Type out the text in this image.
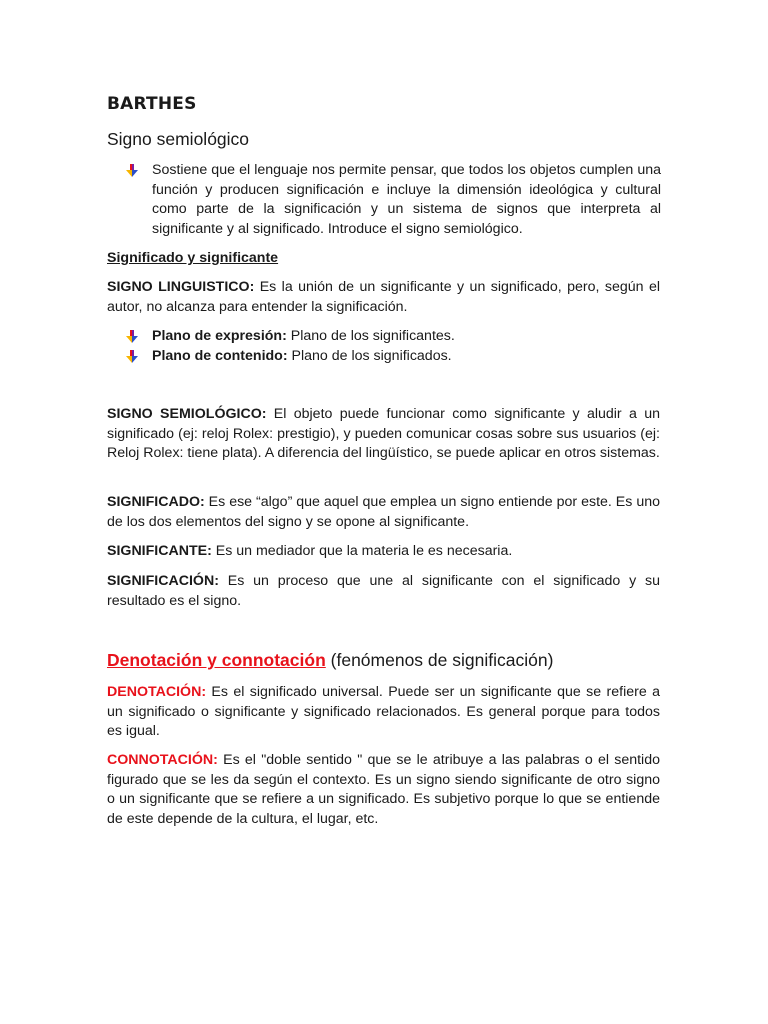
BARTHES
Signo semiológico
Sostiene que el lenguaje nos permite pensar, que todos los objetos cumplen una función y producen significación e incluye la dimensión ideológica y cultural como parte de la significación y un sistema de signos que interpreta al significante y al significado. Introduce el signo semiológico.
Significado y significante

SIGNO LINGUISTICO: Es la unión de un significante y un significado, pero, según el autor, no alcanza para entender la significación.

Plano de expresión: Plano de los significantes.
Plano de contenido: Plano de los significados.

SIGNO SEMIOLÓGICO: El objeto puede funcionar como significante y aludir a un significado (ej: reloj Rolex: prestigio), y pueden comunicar cosas sobre sus usuarios (ej: Reloj Rolex: tiene plata). A diferencia del lingüístico, se puede aplicar en otros sistemas.

SIGNIFICADO: Es ese “algo” que aquel que emplea un signo entiende por este. Es uno de los dos elementos del signo y se opone al significante.

SIGNIFICANTE: Es un mediador que la materia le es necesaria.

SIGNIFICACIÓN: Es un proceso que une al significante con el significado y su resultado es el signo.

Denotación y connotación (fenómenos de significación)

DENOTACIÓN: Es el significado universal. Puede ser un significante que se refiere a un significado o significante y significado relacionados. Es general porque para todos es igual.

CONNOTACIÓN: Es el "doble sentido " que se le atribuye a las palabras o el sentido figurado que se les da según el contexto. Es un signo siendo significante de otro signo o un significante que se refiere a un significado. Es subjetivo porque lo que se entiende de este depende de la cultura, el lugar, etc.
